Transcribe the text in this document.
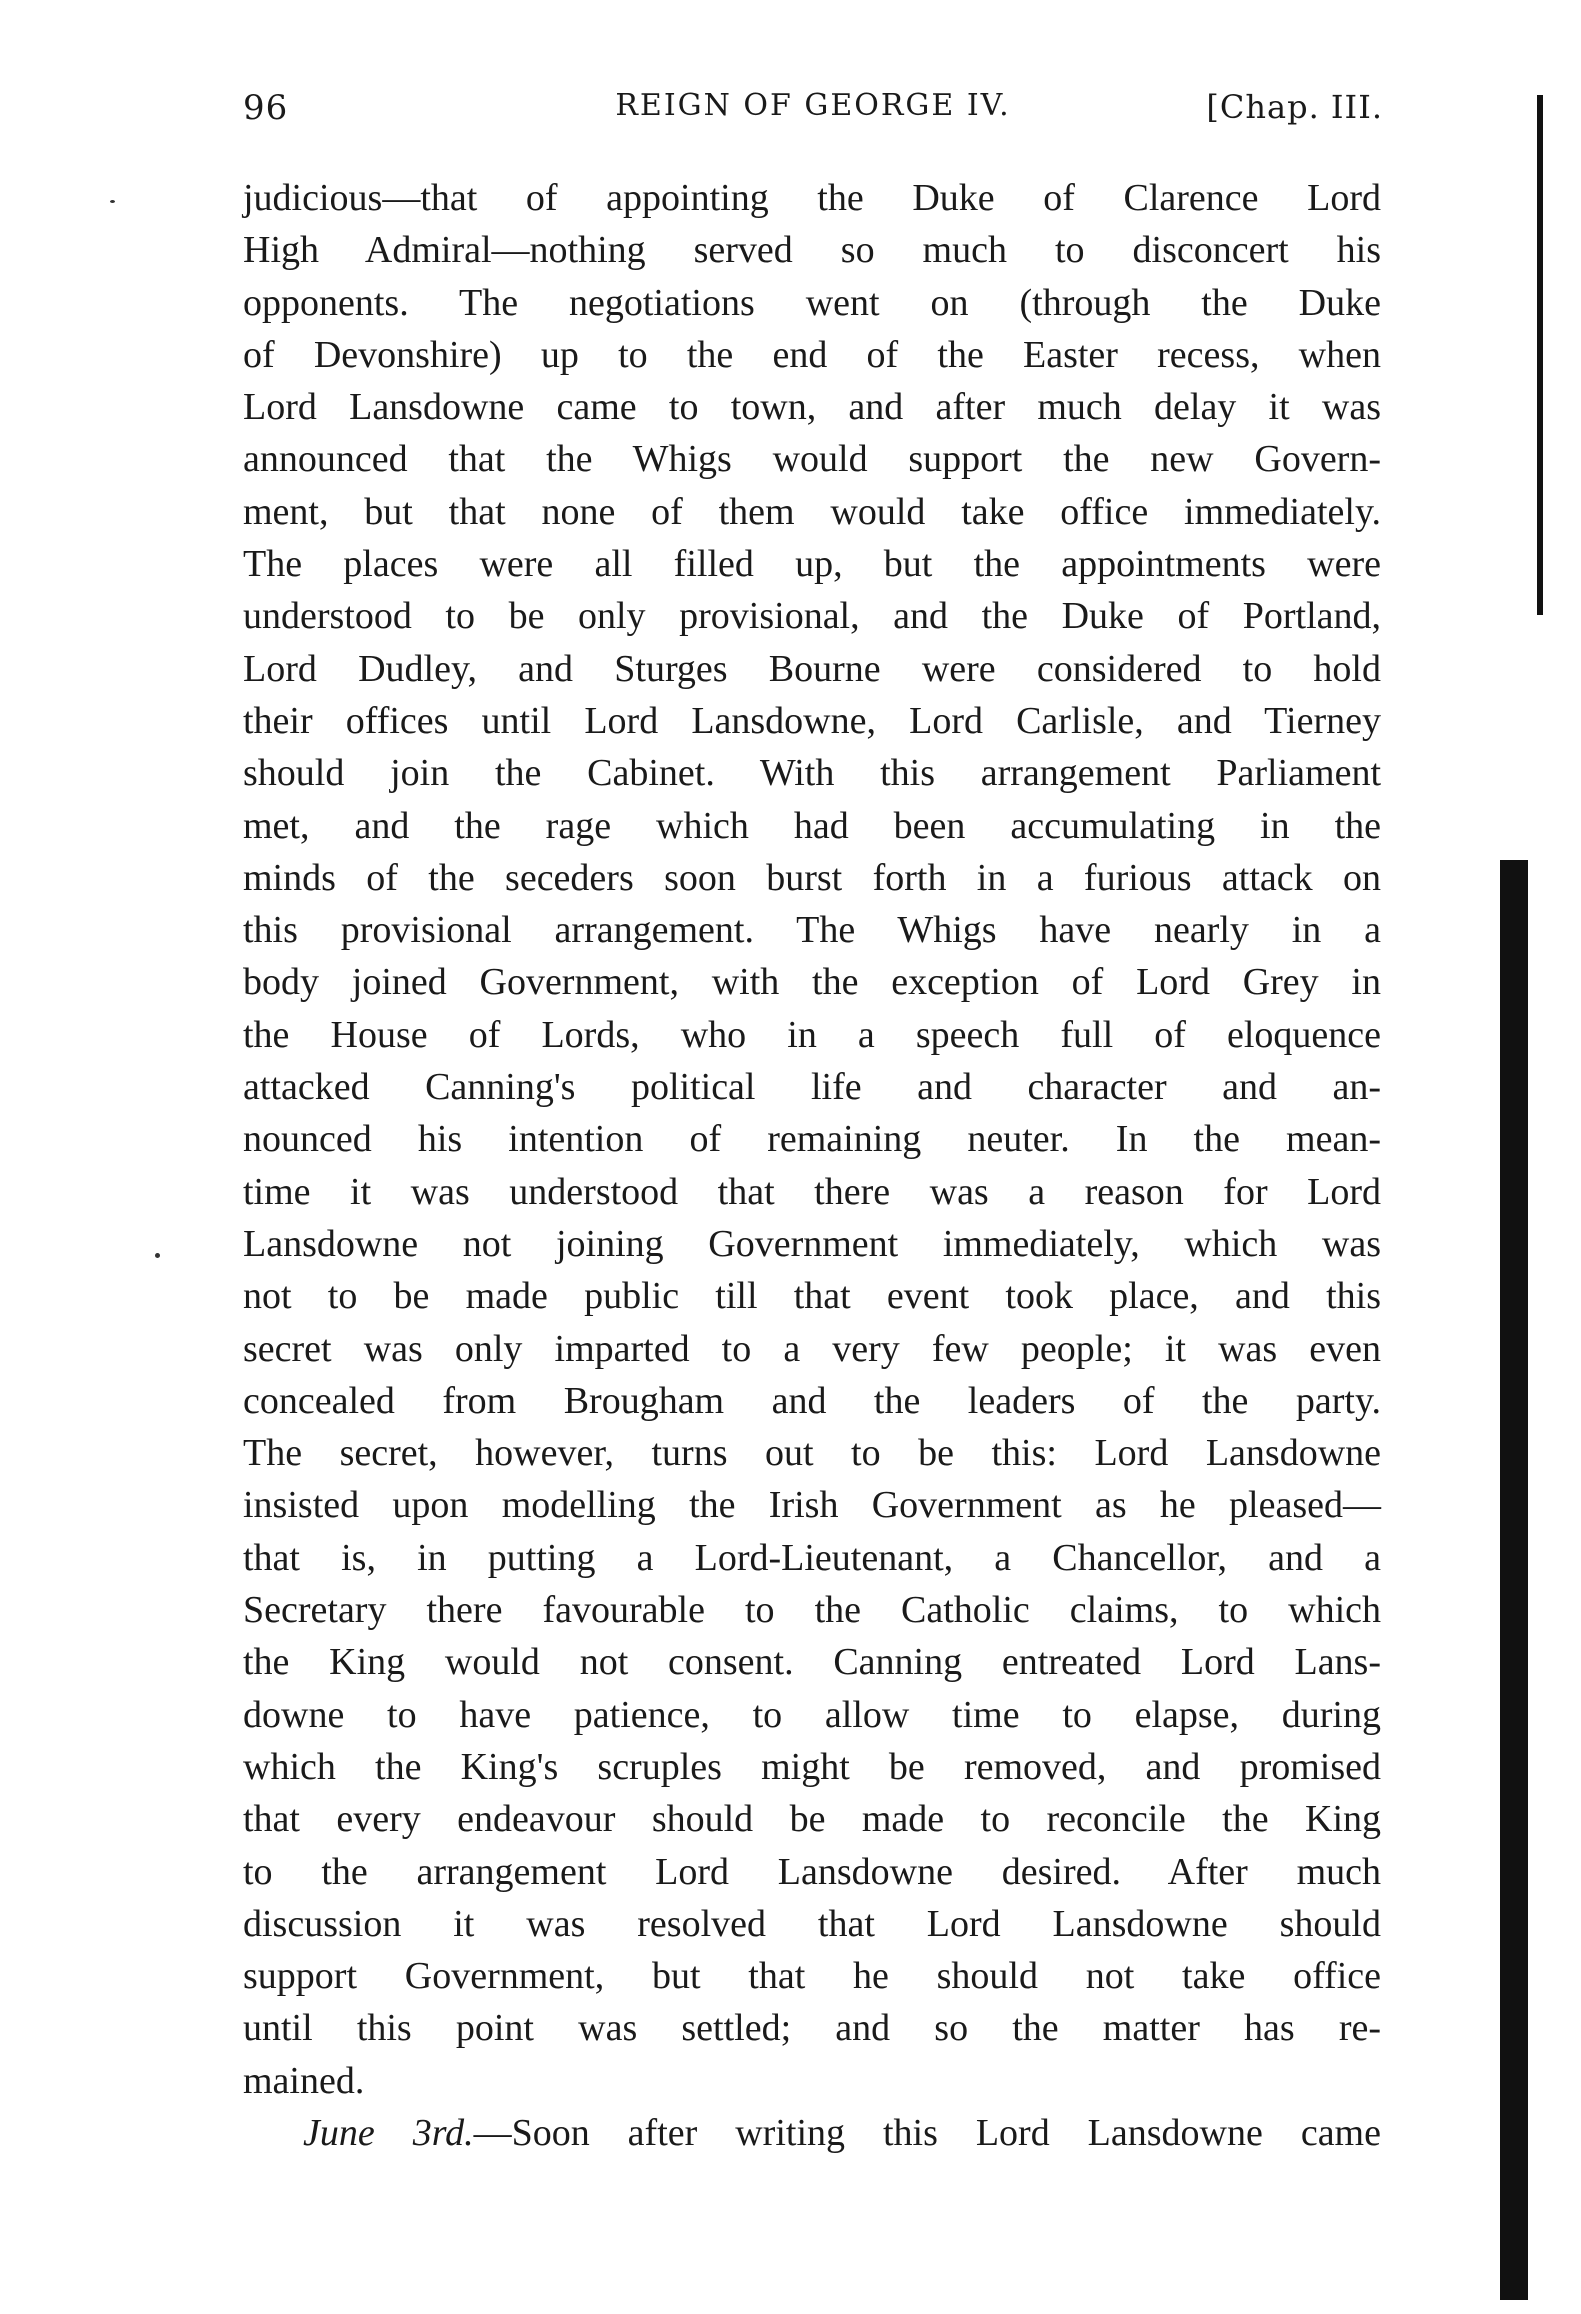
96	REIGN OF GEORGE IV.	[Chap. III.
judicious—that of appointing the Duke of Clarence Lord
High Admiral—nothing served so much to disconcert his
opponents. The negotiations went on (through the Duke
of Devonshire) up to the end of the Easter recess, when
Lord Lansdowne came to town, and after much delay it was
announced that the Whigs would support the new Govern-
ment, but that none of them would take office immediately.
The places were all filled up, but the appointments were
understood to be only provisional, and the Duke of Portland,
Lord Dudley, and Sturges Bourne were considered to hold
their offices until Lord Lansdowne, Lord Carlisle, and Tierney
should join the Cabinet. With this arrangement Parliament
met, and the rage which had been accumulating in the
minds of the seceders soon burst forth in a furious attack on
this provisional arrangement. The Whigs have nearly in a
body joined Government, with the exception of Lord Grey in
the House of Lords, who in a speech full of eloquence
attacked Canning's political life and character and an-
nounced his intention of remaining neuter. In the mean-
time it was understood that there was a reason for Lord
Lansdowne not joining Government immediately, which was
not to be made public till that event took place, and this
secret was only imparted to a very few people; it was even
concealed from Brougham and the leaders of the party.
The secret, however, turns out to be this: Lord Lansdowne
insisted upon modelling the Irish Government as he pleased—
that is, in putting a Lord-Lieutenant, a Chancellor, and a
Secretary there favourable to the Catholic claims, to which
the King would not consent. Canning entreated Lord Lans-
downe to have patience, to allow time to elapse, during
which the King's scruples might be removed, and promised
that every endeavour should be made to reconcile the King
to the arrangement Lord Lansdowne desired. After much
discussion it was resolved that Lord Lansdowne should
support Government, but that he should not take office
until this point was settled; and so the matter has re-
mained.
June 3rd.—Soon after writing this Lord Lansdowne came
